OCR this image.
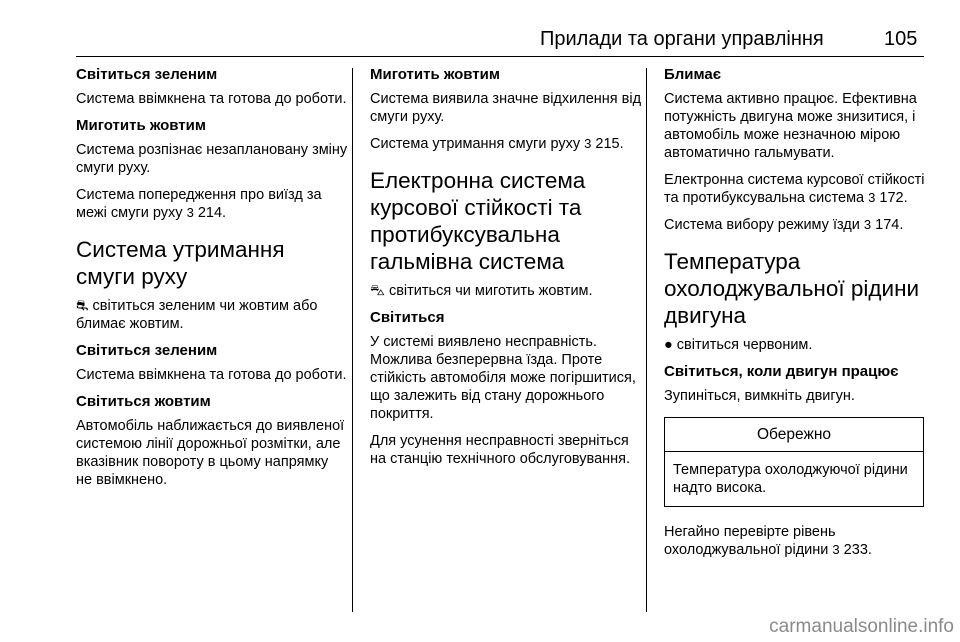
Прилади та органи управління	105
Світиться зеленим
Система ввімкнена та готова до роботи.
Миготить жовтим
Система розпізнає незаплановану зміну смуги руху.
Система попередження про виїзд за межі смуги руху 3 214.
Система утримання смуги руху
⛐ світиться зеленим чи жовтим або блимає жовтим.
Світиться зеленим
Система ввімкнена та готова до роботи.
Світиться жовтим
Автомобіль наближається до виявленої системою лінії дорожньої розмітки, але вказівник повороту в цьому напрямку не ввімкнено.
Миготить жовтим
Система виявила значне відхилення від смуги руху.
Система утримання смуги руху 3 215.
Електронна система курсової стійкості та протибуксувальна гальмівна система
⛍ світиться чи миготить жовтим.
Світиться
У системі виявлено несправність. Можлива безперервна їзда. Проте стійкість автомобіля може погіршитися, що залежить від стану дорожнього покриття.
Для усунення несправності зверніться на станцію технічного обслуговування.
Блимає
Система активно працює. Ефективна потужність двигуна може знизитися, і автомобіль може незначною мірою автоматично гальмувати.
Електронна система курсової стійкості та протибуксувальна система 3 172.
Система вибору режиму їзди 3 174.
Температура охолоджувальної рідини двигуна
● світиться червоним.
Світиться, коли двигун працює
Зупиніться, вимкніть двигун.
Обережно
Температура охолоджуючої рідини надто висока.
Негайно перевірте рівень охолоджувальної рідини 3 233.
carmanualsonline.info
